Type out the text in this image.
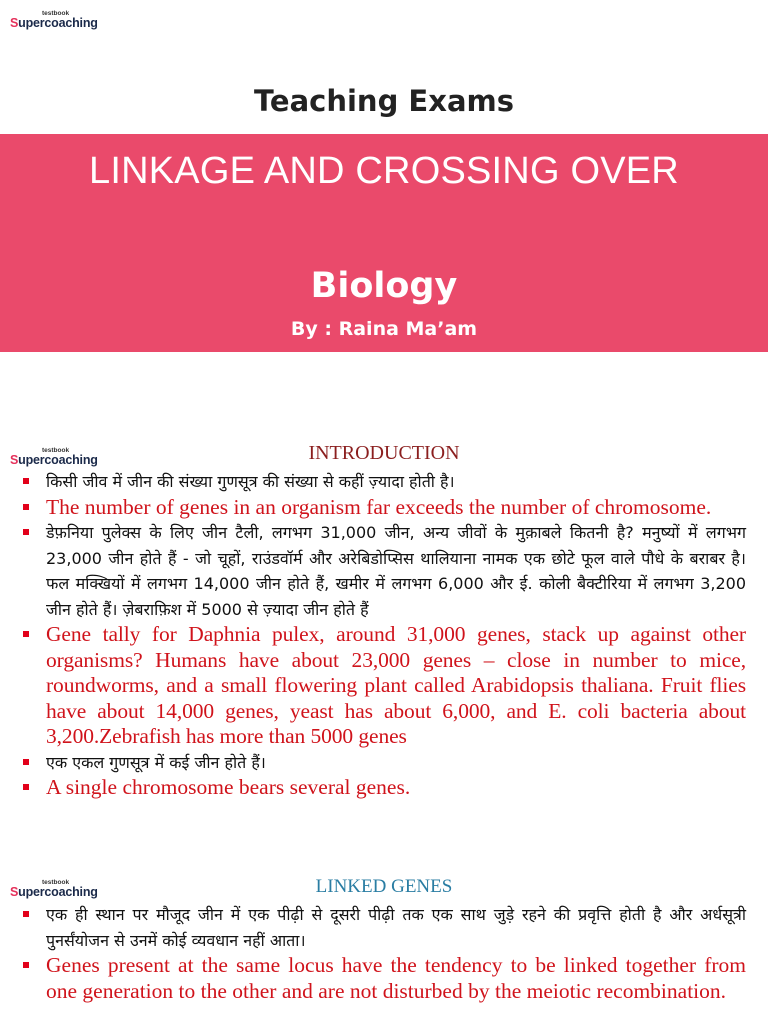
testbook
Supercoaching
Teaching Exams
LINKAGE AND CROSSING OVER
Biology
By : Raina Ma’am
testbook
Supercoaching	INTRODUCTION
किसी जीव में जीन की संख्या गुणसूत्र की संख्या से कहीं ज़्यादा होती है।
The number of genes in an organism far exceeds the number of chromosome.
डेफ़निया पुलेक्स के लिए जीन टैली, लगभग 31,000 जीन, अन्य जीवों के मुक़ाबले कितनी है? मनुष्यों में लगभग 23,000 जीन होते हैं - जो चूहों, राउंडवॉर्म और अरेबिडोप्सिस थालियाना नामक एक छोटे फूल वाले पौधे के बराबर है। फल मक्खियों में लगभग 14,000 जीन होते हैं, खमीर में लगभग 6,000 और ई. कोली बैक्टीरिया में लगभग 3,200 जीन होते हैं। ज़ेबराफ़िश में 5000 से ज़्यादा जीन होते हैं
Gene tally for Daphnia pulex, around 31,000 genes, stack up against other organisms? Humans have about 23,000 genes – close in number to mice, roundworms, and a small flowering plant called Arabidopsis thaliana. Fruit flies have about 14,000 genes, yeast has about 6,000, and E. coli bacteria about 3,200.Zebrafish has more than 5000 genes
एक एकल गुणसूत्र में कई जीन होते हैं।
A single chromosome bears several genes.
testbook
Supercoaching	LINKED GENES
एक ही स्थान पर मौजूद जीन में एक पीढ़ी से दूसरी पीढ़ी तक एक साथ जुड़े रहने की प्रवृत्ति होती है और अर्धसूत्री पुनर्संयोजन से उनमें कोई व्यवधान नहीं आता।
Genes present at the same locus have the tendency to be linked together from one generation to the other and are not disturbed by the meiotic recombination.
